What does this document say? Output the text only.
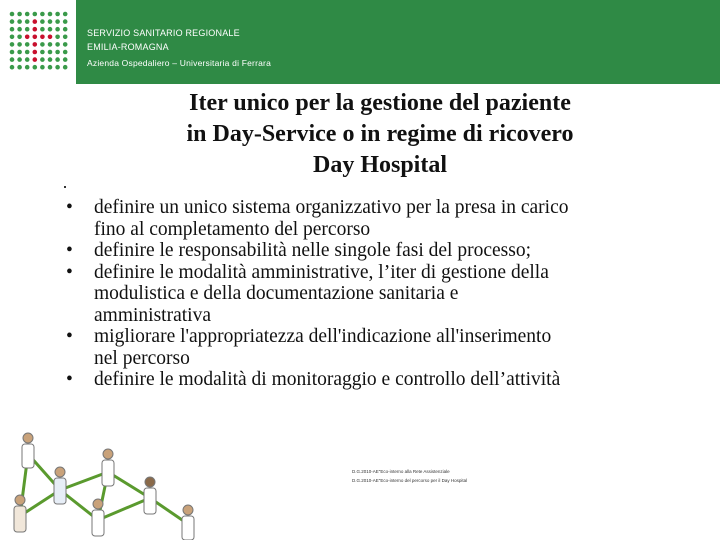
SERVIZIO SANITARIO REGIONALE
EMILIA-ROMAGNA
Azienda Ospedaliero – Universitaria di Ferrara
Iter unico per la gestione del paziente
in Day-Service o in regime di ricovero
Day Hospital
• definire un unico sistema organizzativo per la presa in carico
fino al completamento del percorso
• definire le responsabilità nelle singole fasi del processo;
• definire le modalità amministrative, l’iter di gestione della
modulistica e della documentazione sanitaria e
amministrativa
• migliorare l'appropriatezza dell'indicazione all'inserimento
nel percorso
• definire le modalità di monitoraggio e controllo dell’attività
D.G.2010-AE"Eco-interno alla Rete Assistenziale
D.G.2010-AE"Eco-interno del percorso per il Day Hospital
